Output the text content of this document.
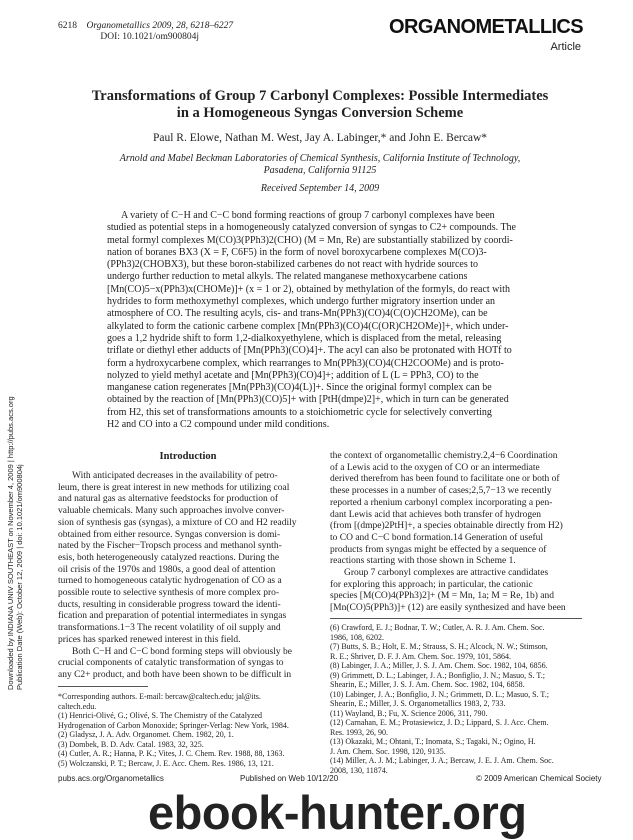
6218 Organometallics 2009, 28, 6218–6227
DOI: 10.1021/om900804j	ORGANOMETALLICS
Article
Transformations of Group 7 Carbonyl Complexes: Possible Intermediates
in a Homogeneous Syngas Conversion Scheme
Paul R. Elowe, Nathan M. West, Jay A. Labinger,* and John E. Bercaw*
Arnold and Mabel Beckman Laboratories of Chemical Synthesis, California Institute of Technology,
Pasadena, California 91125
Received September 14, 2009
A variety of C−H and C−C bond forming reactions of group 7 carbonyl complexes have been
studied as potential steps in a homogeneously catalyzed conversion of syngas to C2+ compounds. The
metal formyl complexes M(CO)3(PPh3)2(CHO) (M = Mn, Re) are substantially stabilized by coordi-
nation of boranes BX3 (X = F, C6F5) in the form of novel boroxycarbene complexes M(CO)3-
(PPh3)2(CHOBX3), but these boron-stabilized carbenes do not react with hydride sources to
undergo further reduction to metal alkyls. The related manganese methoxycarbene cations
[Mn(CO)5−x(PPh3)x(CHOMe)]+ (x = 1 or 2), obtained by methylation of the formyls, do react with
hydrides to form methoxymethyl complexes, which undergo further migratory insertion under an
atmosphere of CO. The resulting acyls, cis- and trans-Mn(PPh3)(CO)4(C(O)CH2OMe), can be
alkylated to form the cationic carbene complex [Mn(PPh3)(CO)4(C(OR)CH2OMe)]+, which under-
goes a 1,2 hydride shift to form 1,2-dialkoxyethylene, which is displaced from the metal, releasing
triflate or diethyl ether adducts of [Mn(PPh3)(CO)4]+. The acyl can also be protonated with HOTf to
form a hydroxycarbene complex, which rearranges to Mn(PPh3)(CO)4(CH2COOMe) and is proto-
nolyzed to yield methyl acetate and [Mn(PPh3)(CO)4]+; addition of L (L = PPh3, CO) to the
manganese cation regenerates [Mn(PPh3)(CO)4(L)]+. Since the original formyl complex can be
obtained by the reaction of [Mn(PPh3)(CO)5]+ with [PtH(dmpe)2]+, which in turn can be generated
from H2, this set of transformations amounts to a stoichiometric cycle for selectively converting
H2 and CO into a C2 compound under mild conditions.
Downloaded by INDIANA UNIV SOUTHEAST on November 4, 2009 | http://pubs.acs.org Publication Date (Web): October 12, 2009 | doi: 10.1021/om900804j
Introduction
With anticipated decreases in the availability of petro-
leum, there is great interest in new methods for utilizing coal
and natural gas as alternative feedstocks for production of
valuable chemicals. Many such approaches involve conver-
sion of synthesis gas (syngas), a mixture of CO and H2 readily
obtained from either resource. Syngas conversion is domi-
nated by the Fischer−Tropsch process and methanol synth-
esis, both heterogeneously catalyzed reactions. During the
oil crisis of the 1970s and 1980s, a good deal of attention
turned to homogeneous catalytic hydrogenation of CO as a
possible route to selective synthesis of more complex pro-
ducts, resulting in considerable progress toward the identi-
fication and preparation of potential intermediates in syngas
transformations.1−3 The recent volatility of oil supply and
prices has sparked renewed interest in this field.
Both C−H and C−C bond forming steps will obviously be
crucial components of catalytic transformation of syngas to
any C2+ product, and both have been shown to be difficult in
the context of organometallic chemistry.2,4−6 Coordination
of a Lewis acid to the oxygen of CO or an intermediate
derived therefrom has been found to facilitate one or both of
these processes in a number of cases;2,5,7−13 we recently
reported a rhenium carbonyl complex incorporating a pen-
dant Lewis acid that achieves both transfer of hydrogen
(from [(dmpe)2PtH]+, a species obtainable directly from H2)
to CO and C−C bond formation.14 Generation of useful
products from syngas might be effected by a sequence of
reactions starting with those shown in Scheme 1.
Group 7 carbonyl complexes are attractive candidates
for exploring this approach; in particular, the cationic
species [M(CO)4(PPh3)2]+ (M = Mn, 1a; M = Re, 1b) and
[Mn(CO)5(PPh3)]+ (12) are easily synthesized and have been
*Corresponding authors. E-mail: bercaw@caltech.edu; jal@its.
caltech.edu.
(1) Henrici-Olivé, G.; Olivé, S. The Chemistry of the Catalyzed
Hydrogenation of Carbon Monoxide; Springer-Verlag: New York, 1984.
(2) Gladysz, J. A. Adv. Organomet. Chem. 1982, 20, 1.
(3) Dombek, B. D. Adv. Catal. 1983, 32, 325.
(4) Cutler, A. R.; Hanna, P. K.; Vites, J. C. Chem. Rev. 1988, 88, 1363.
(5) Wolczanski, P. T.; Bercaw, J. E. Acc. Chem. Res. 1986, 13, 121.
(6) Crawford, E. J.; Bodnar, T. W.; Cutler, A. R. J. Am. Chem. Soc.
1986, 108, 6202.
(7) Butts, S. B.; Holt, E. M.; Strauss, S. H.; Alcock, N. W.; Stimson,
R. E.; Shriver, D. F. J. Am. Chem. Soc. 1979, 101, 5864.
(8) Labinger, J. A.; Miller, J. S. J. Am. Chem. Soc. 1982, 104, 6856.
(9) Grimmett, D. L.; Labinger, J. A.; Bonfiglio, J. N.; Masuo, S. T.;
Shearin, E.; Miller, J. S. J. Am. Chem. Soc. 1982, 104, 6858.
(10) Labinger, J. A.; Bonfiglio, J. N.; Grimmett, D. L.; Masuo, S. T.;
Shearin, E.; Miller, J. S. Organometallics 1983, 2, 733.
(11) Wayland, B.; Fu, X. Science 2006, 311, 790.
(12) Carnahan, E. M.; Protasiewicz, J. D.; Lippard, S. J. Acc. Chem.
Res. 1993, 26, 90.
(13) Okazaki, M.; Ohtani, T.; Inomata, S.; Tagaki, N.; Ogino, H.
J. Am. Chem. Soc. 1998, 120, 9135.
(14) Miller, A. J. M.; Labinger, J. A.; Bercaw, J. E. J. Am. Chem. Soc.
2008, 130, 11874.
pubs.acs.org/Organometallics	Published on Web 10/12/20	© 2009 American Chemical Society
ebook-hunter.org
